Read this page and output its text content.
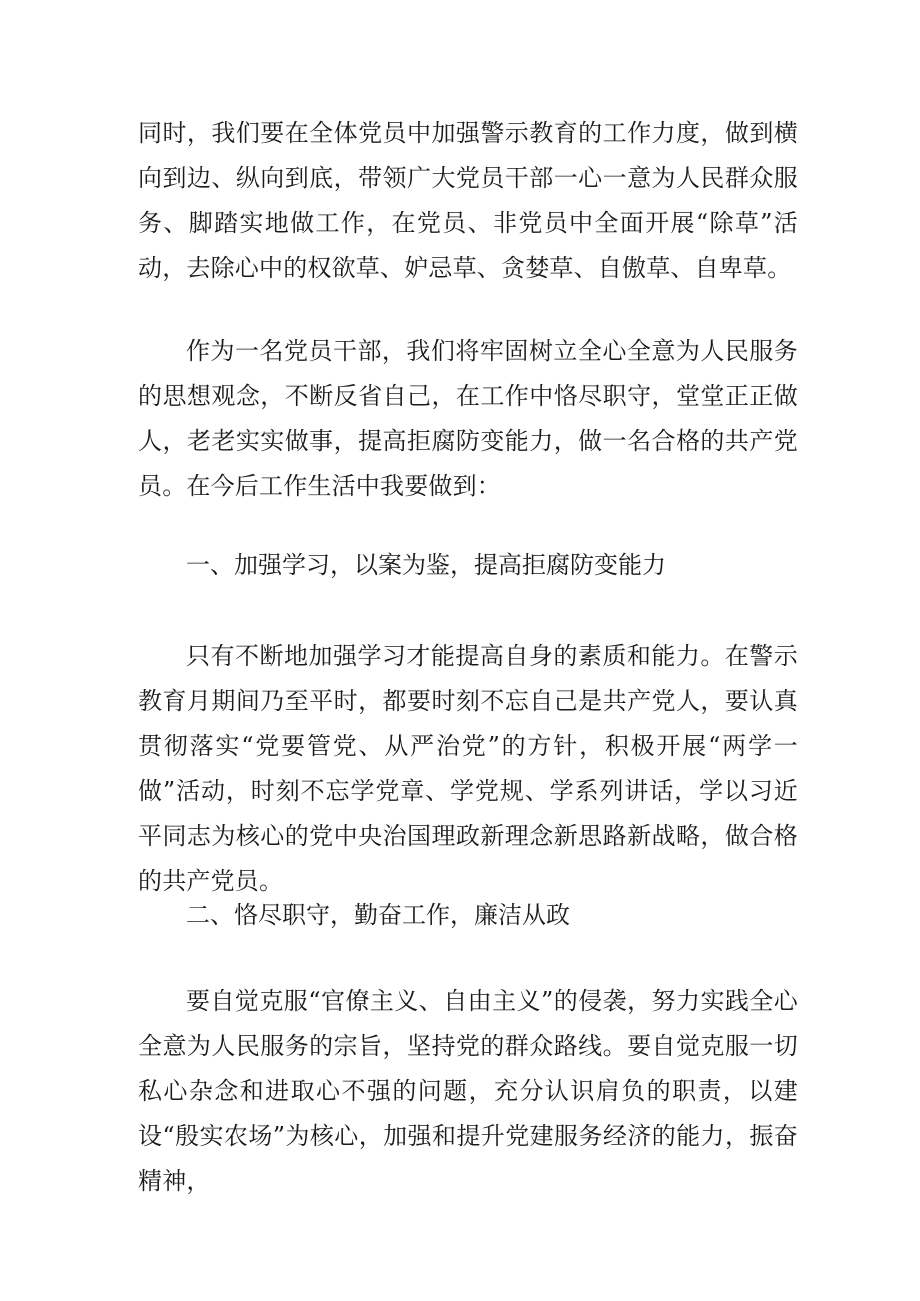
同时，我们要在全体党员中加强警示教育的工作力度，做到横向到边、纵向到底，带领广大党员干部一心一意为人民群众服务、脚踏实地做工作，在党员、非党员中全面开展“除草”活动，去除心中的权欲草、妒忌草、贪婪草、自傲草、自卑草。

作为一名党员干部，我们将牢固树立全心全意为人民服务的思想观念，不断反省自己，在工作中恪尽职守，堂堂正正做人，老老实实做事，提高拒腐防变能力，做一名合格的共产党员。在今后工作生活中我要做到：

一、加强学习，以案为鉴，提高拒腐防变能力

只有不断地加强学习才能提高自身的素质和能力。在警示教育月期间乃至平时，都要时刻不忘自己是共产党人，要认真贯彻落实“党要管党、从严治党”的方针，积极开展“两学一做”活动，时刻不忘学党章、学党规、学系列讲话，学以习近平同志为核心的党中央治国理政新理念新思路新战略，做合格的共产党员。

二、恪尽职守，勤奋工作，廉洁从政

要自觉克服“官僚主义、自由主义”的侵袭，努力实践全心全意为人民服务的宗旨，坚持党的群众路线。要自觉克服一切私心杂念和进取心不强的问题，充分认识肩负的职责，以建设“殷实农场”为核心，加强和提升党建服务经济的能力，振奋精神，
